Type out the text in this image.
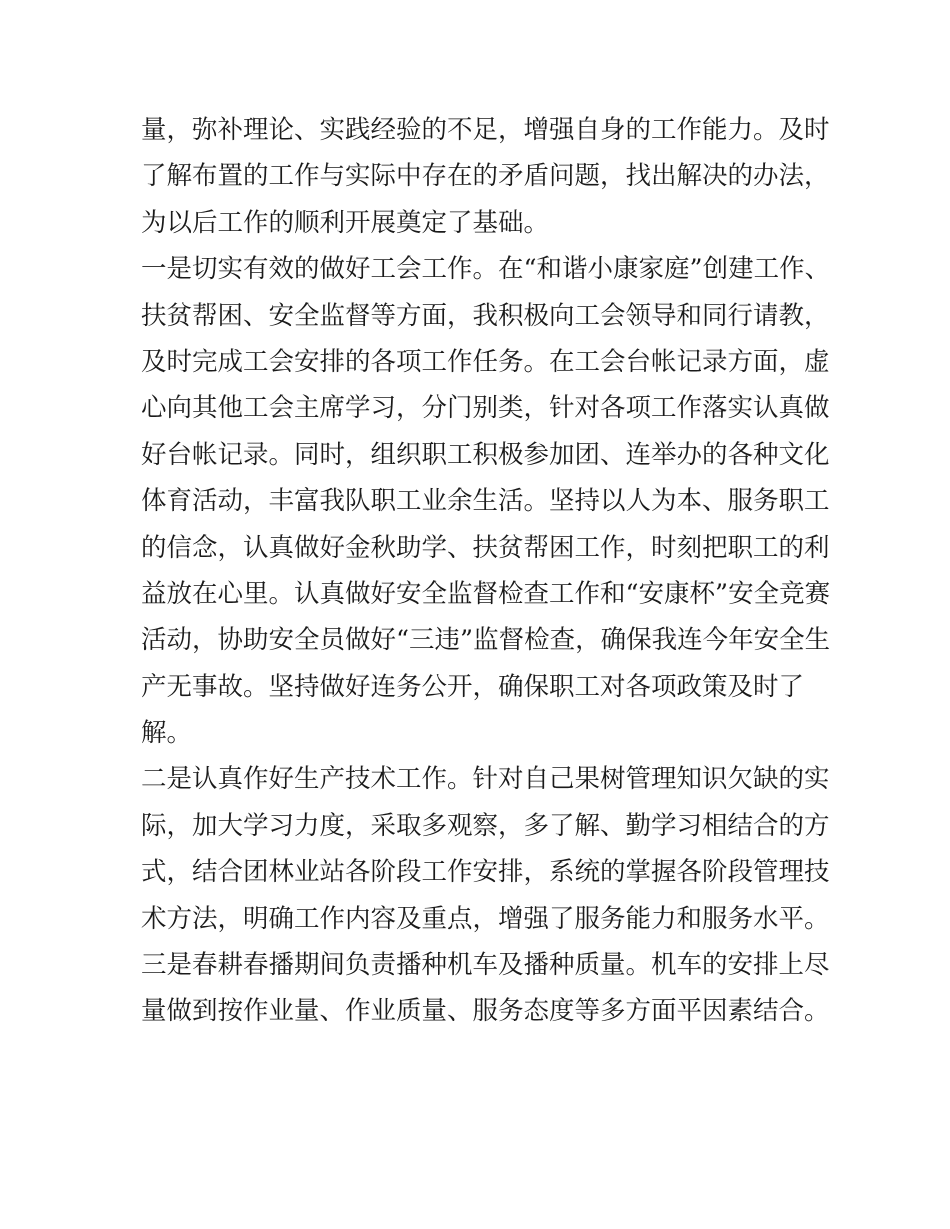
量，弥补理论、实践经验的不足，增强自身的工作能力。及时
了解布置的工作与实际中存在的矛盾问题，找出解决的办法，
为以后工作的顺利开展奠定了基础。
一是切实有效的做好工会工作。在“和谐小康家庭”创建工作、
扶贫帮困、安全监督等方面，我积极向工会领导和同行请教，
及时完成工会安排的各项工作任务。在工会台帐记录方面，虚
心向其他工会主席学习，分门别类，针对各项工作落实认真做
好台帐记录。同时，组织职工积极参加团、连举办的各种文化
体育活动，丰富我队职工业余生活。坚持以人为本、服务职工
的信念，认真做好金秋助学、扶贫帮困工作，时刻把职工的利
益放在心里。认真做好安全监督检查工作和“安康杯”安全竞赛
活动，协助安全员做好“三违”监督检查，确保我连今年安全生
产无事故。坚持做好连务公开，确保职工对各项政策及时了
解。
二是认真作好生产技术工作。针对自己果树管理知识欠缺的实
际，加大学习力度，采取多观察，多了解、勤学习相结合的方
式，结合团林业站各阶段工作安排，系统的掌握各阶段管理技
术方法，明确工作内容及重点，增强了服务能力和服务水平。
三是春耕春播期间负责播种机车及播种质量。机车的安排上尽
量做到按作业量、作业质量、服务态度等多方面平因素结合。
